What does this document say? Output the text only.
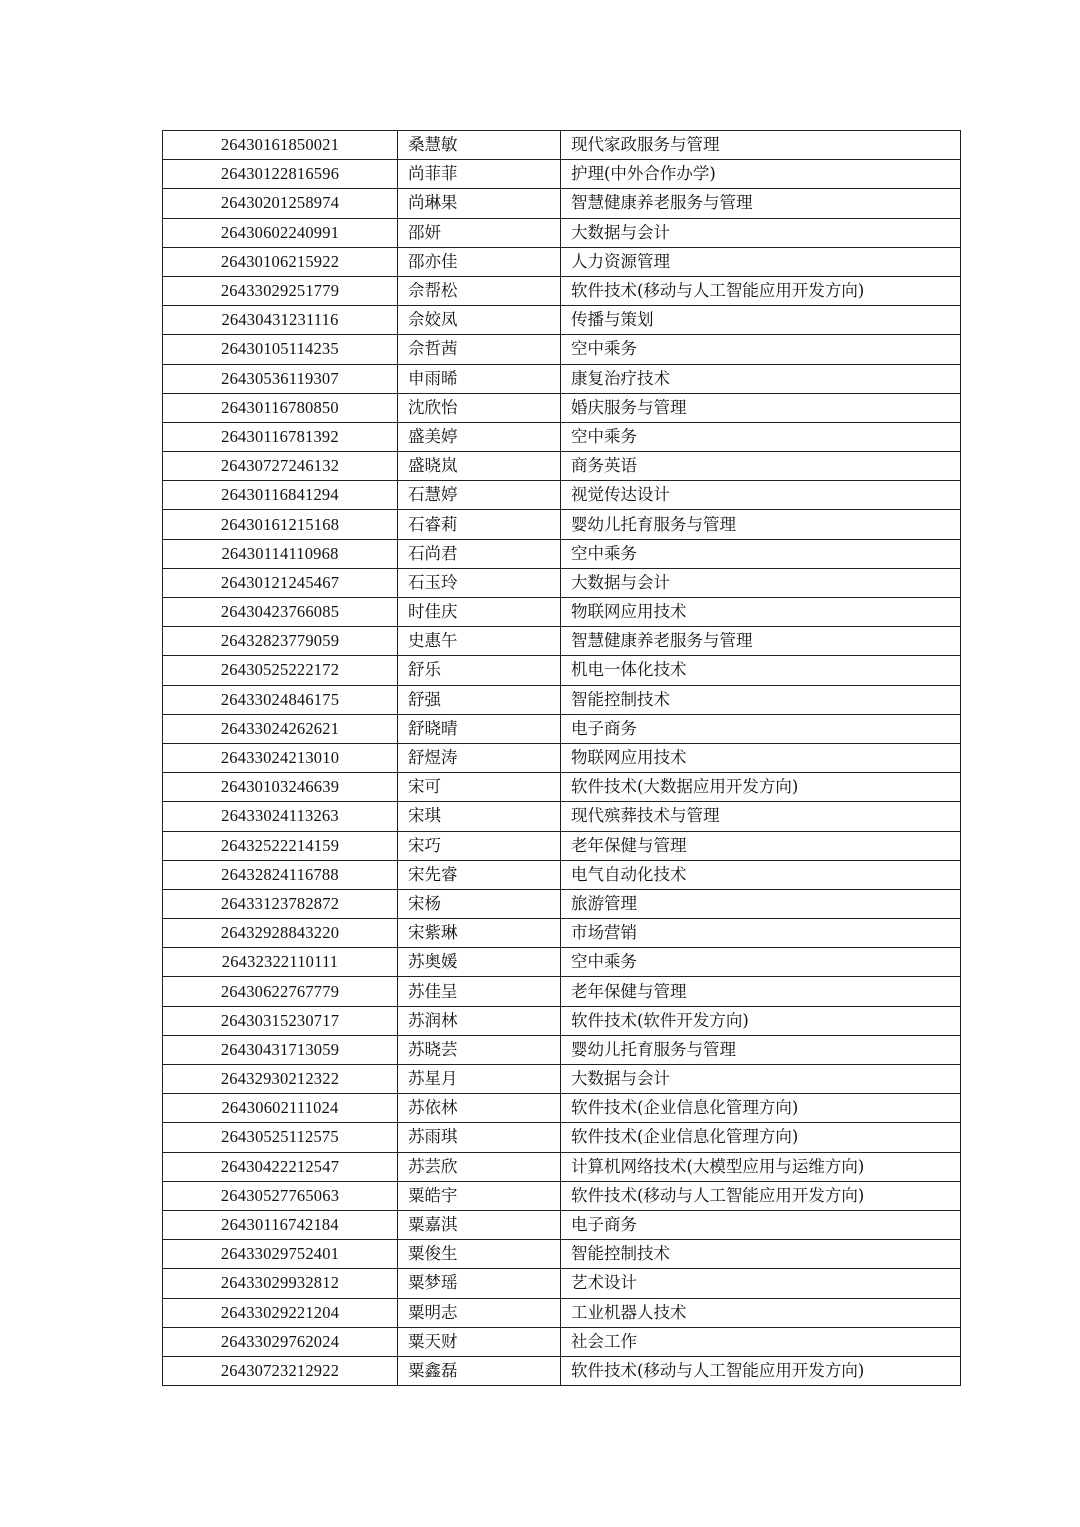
26430161850021	桑慧敏	现代家政服务与管理
26430122816596	尚菲菲	护理(中外合作办学)
26430201258974	尚琳果	智慧健康养老服务与管理
26430602240991	邵妍	大数据与会计
26430106215922	邵亦佳	人力资源管理
26433029251779	佘帮松	软件技术(移动与人工智能应用开发方向)
26430431231116	佘姣凤	传播与策划
26430105114235	佘哲茜	空中乘务
26430536119307	申雨晞	康复治疗技术
26430116780850	沈欣怡	婚庆服务与管理
26430116781392	盛美婷	空中乘务
26430727246132	盛晓岚	商务英语
26430116841294	石慧婷	视觉传达设计
26430161215168	石睿莉	婴幼儿托育服务与管理
26430114110968	石尚君	空中乘务
26430121245467	石玉玲	大数据与会计
26430423766085	时佳庆	物联网应用技术
26432823779059	史惠午	智慧健康养老服务与管理
26430525222172	舒乐	机电一体化技术
26433024846175	舒强	智能控制技术
26433024262621	舒晓晴	电子商务
26433024213010	舒煜涛	物联网应用技术
26430103246639	宋可	软件技术(大数据应用开发方向)
26433024113263	宋琪	现代殡葬技术与管理
26432522214159	宋巧	老年保健与管理
26432824116788	宋先睿	电气自动化技术
26433123782872	宋杨	旅游管理
26432928843220	宋紫琳	市场营销
26432322110111	苏奥媛	空中乘务
26430622767779	苏佳呈	老年保健与管理
26430315230717	苏润林	软件技术(软件开发方向)
26430431713059	苏晓芸	婴幼儿托育服务与管理
26432930212322	苏星月	大数据与会计
26430602111024	苏依林	软件技术(企业信息化管理方向)
26430525112575	苏雨琪	软件技术(企业信息化管理方向)
26430422212547	苏芸欣	计算机网络技术(大模型应用与运维方向)
26430527765063	粟皓宇	软件技术(移动与人工智能应用开发方向)
26430116742184	粟嘉淇	电子商务
26433029752401	粟俊生	智能控制技术
26433029932812	粟梦瑶	艺术设计
26433029221204	粟明志	工业机器人技术
26433029762024	粟天财	社会工作
26430723212922	粟鑫磊	软件技术(移动与人工智能应用开发方向)
